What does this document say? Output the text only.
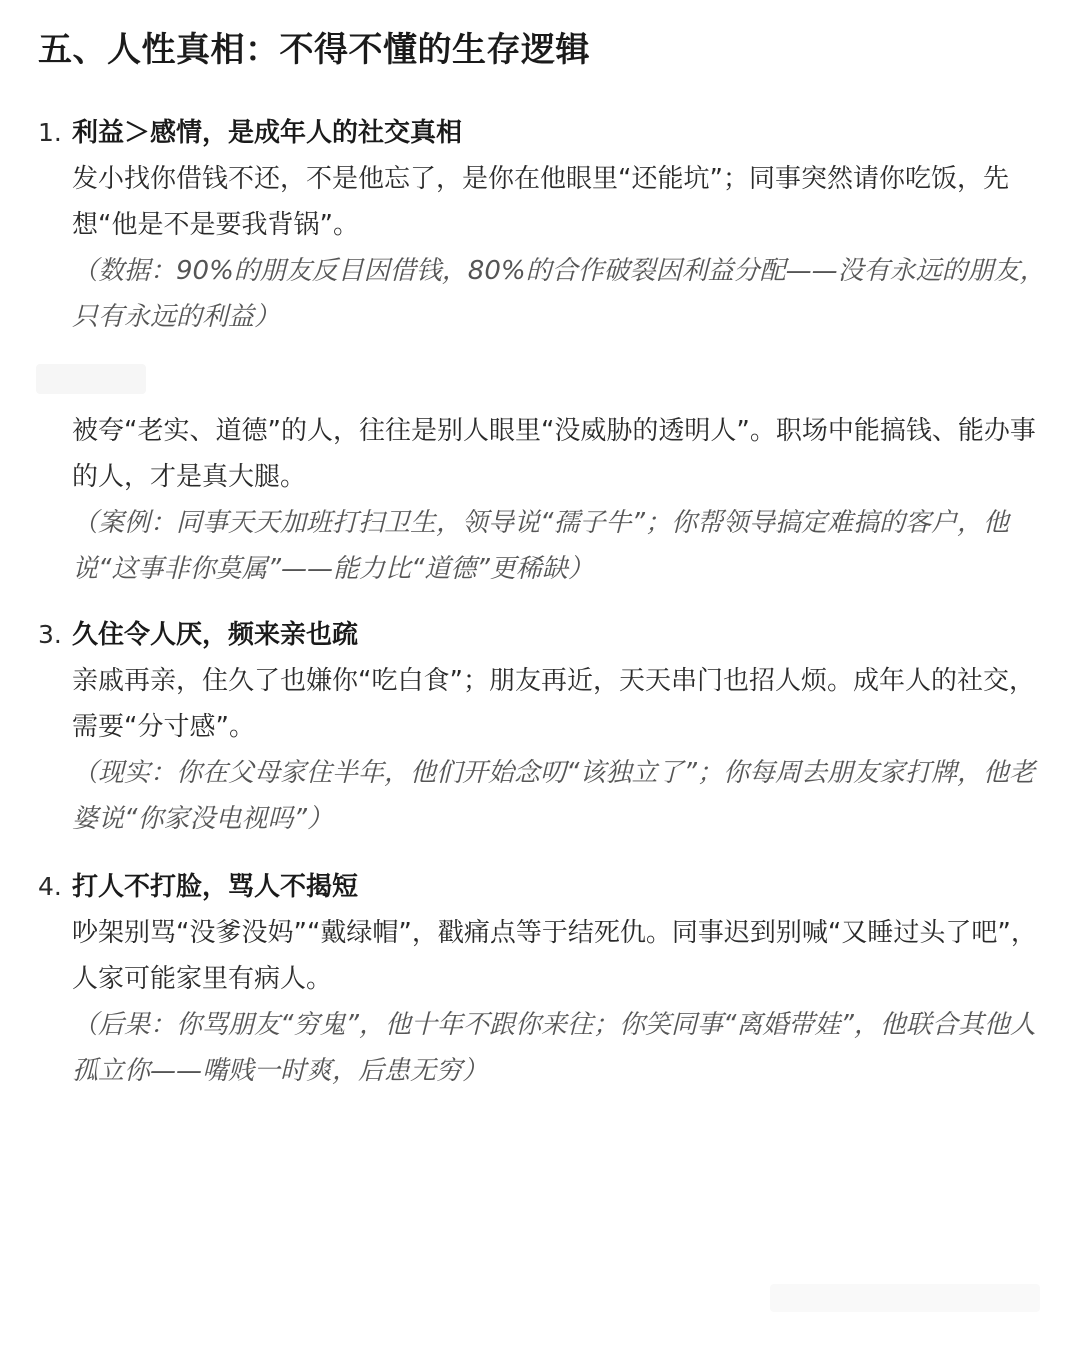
五、人性真相：不得不懂的生存逻辑
1. 利益＞感情，是成年人的社交真相

发小找你借钱不还，不是他忘了，是你在他眼里“还能坑”；同事突然请你吃饭，先想“他是不是要我背锅”。

（数据：90%的朋友反目因借钱，80%的合作破裂因利益分配——没有永远的朋友，只有永远的利益）

被夸“老实、道德”的人，往往是别人眼里“没威胁的透明人”。职场中能搞钱、能办事的人，才是真大腿。

（案例：同事天天加班打扫卫生，领导说“孺子牛”；你帮领导搞定难搞的客户，他说“这事非你莫属”——能力比“道德”更稀缺）

3. 久住令人厌，频来亲也疏

亲戚再亲，住久了也嫌你“吃白食”；朋友再近，天天串门也招人烦。成年人的社交，需要“分寸感”。

（现实：你在父母家住半年，他们开始念叨“该独立了”；你每周去朋友家打牌，他老婆说“你家没电视吗”）

4. 打人不打脸，骂人不揭短

吵架别骂“没爹没妈”“戴绿帽”，戳痛点等于结死仇。同事迟到别喊“又睡过头了吧”，人家可能家里有病人。

（后果：你骂朋友“穷鬼”，他十年不跟你来往；你笑同事“离婚带娃”，他联合其他人孤立你——嘴贱一时爽，后患无穷）
